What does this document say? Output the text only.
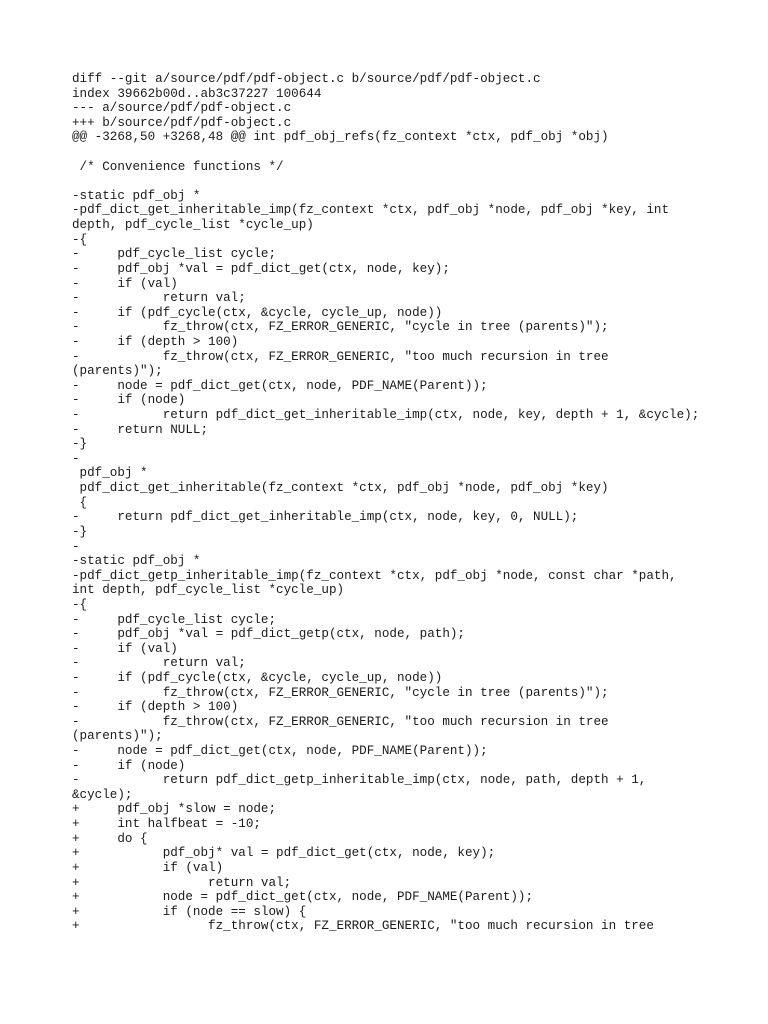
diff --git a/source/pdf/pdf-object.c b/source/pdf/pdf-object.c
index 39662b00d..ab3c37227 100644
--- a/source/pdf/pdf-object.c
+++ b/source/pdf/pdf-object.c
@@ -3268,50 +3268,48 @@ int pdf_obj_refs(fz_context *ctx, pdf_obj *obj)
/* Convenience functions */
-static pdf_obj *
-pdf_dict_get_inheritable_imp(fz_context *ctx, pdf_obj *node, pdf_obj *key, int
depth, pdf_cycle_list *cycle_up)
-{
-     pdf_cycle_list cycle;
-     pdf_obj *val = pdf_dict_get(ctx, node, key);
-     if (val)
-           return val;
-     if (pdf_cycle(ctx, &cycle, cycle_up, node))
-           fz_throw(ctx, FZ_ERROR_GENERIC, "cycle in tree (parents)");
-     if (depth > 100)
-           fz_throw(ctx, FZ_ERROR_GENERIC, "too much recursion in tree
(parents)");
-     node = pdf_dict_get(ctx, node, PDF_NAME(Parent));
-     if (node)
-           return pdf_dict_get_inheritable_imp(ctx, node, key, depth + 1, &cycle);
-     return NULL;
-}
-
pdf_obj *
pdf_dict_get_inheritable(fz_context *ctx, pdf_obj *node, pdf_obj *key)
{
-     return pdf_dict_get_inheritable_imp(ctx, node, key, 0, NULL);
-}
-
-static pdf_obj *
-pdf_dict_getp_inheritable_imp(fz_context *ctx, pdf_obj *node, const char *path,
int depth, pdf_cycle_list *cycle_up)
-{
-     pdf_cycle_list cycle;
-     pdf_obj *val = pdf_dict_getp(ctx, node, path);
-     if (val)
-           return val;
-     if (pdf_cycle(ctx, &cycle, cycle_up, node))
-           fz_throw(ctx, FZ_ERROR_GENERIC, "cycle in tree (parents)");
-     if (depth > 100)
-           fz_throw(ctx, FZ_ERROR_GENERIC, "too much recursion in tree
(parents)");
-     node = pdf_dict_get(ctx, node, PDF_NAME(Parent));
-     if (node)
-           return pdf_dict_getp_inheritable_imp(ctx, node, path, depth + 1,
&cycle);
+     pdf_obj *slow = node;
+     int halfbeat = -10;
+     do {
+           pdf_obj* val = pdf_dict_get(ctx, node, key);
+           if (val)
+                 return val;
+           node = pdf_dict_get(ctx, node, PDF_NAME(Parent));
+           if (node == slow) {
+                 fz_throw(ctx, FZ_ERROR_GENERIC, "too much recursion in tree
